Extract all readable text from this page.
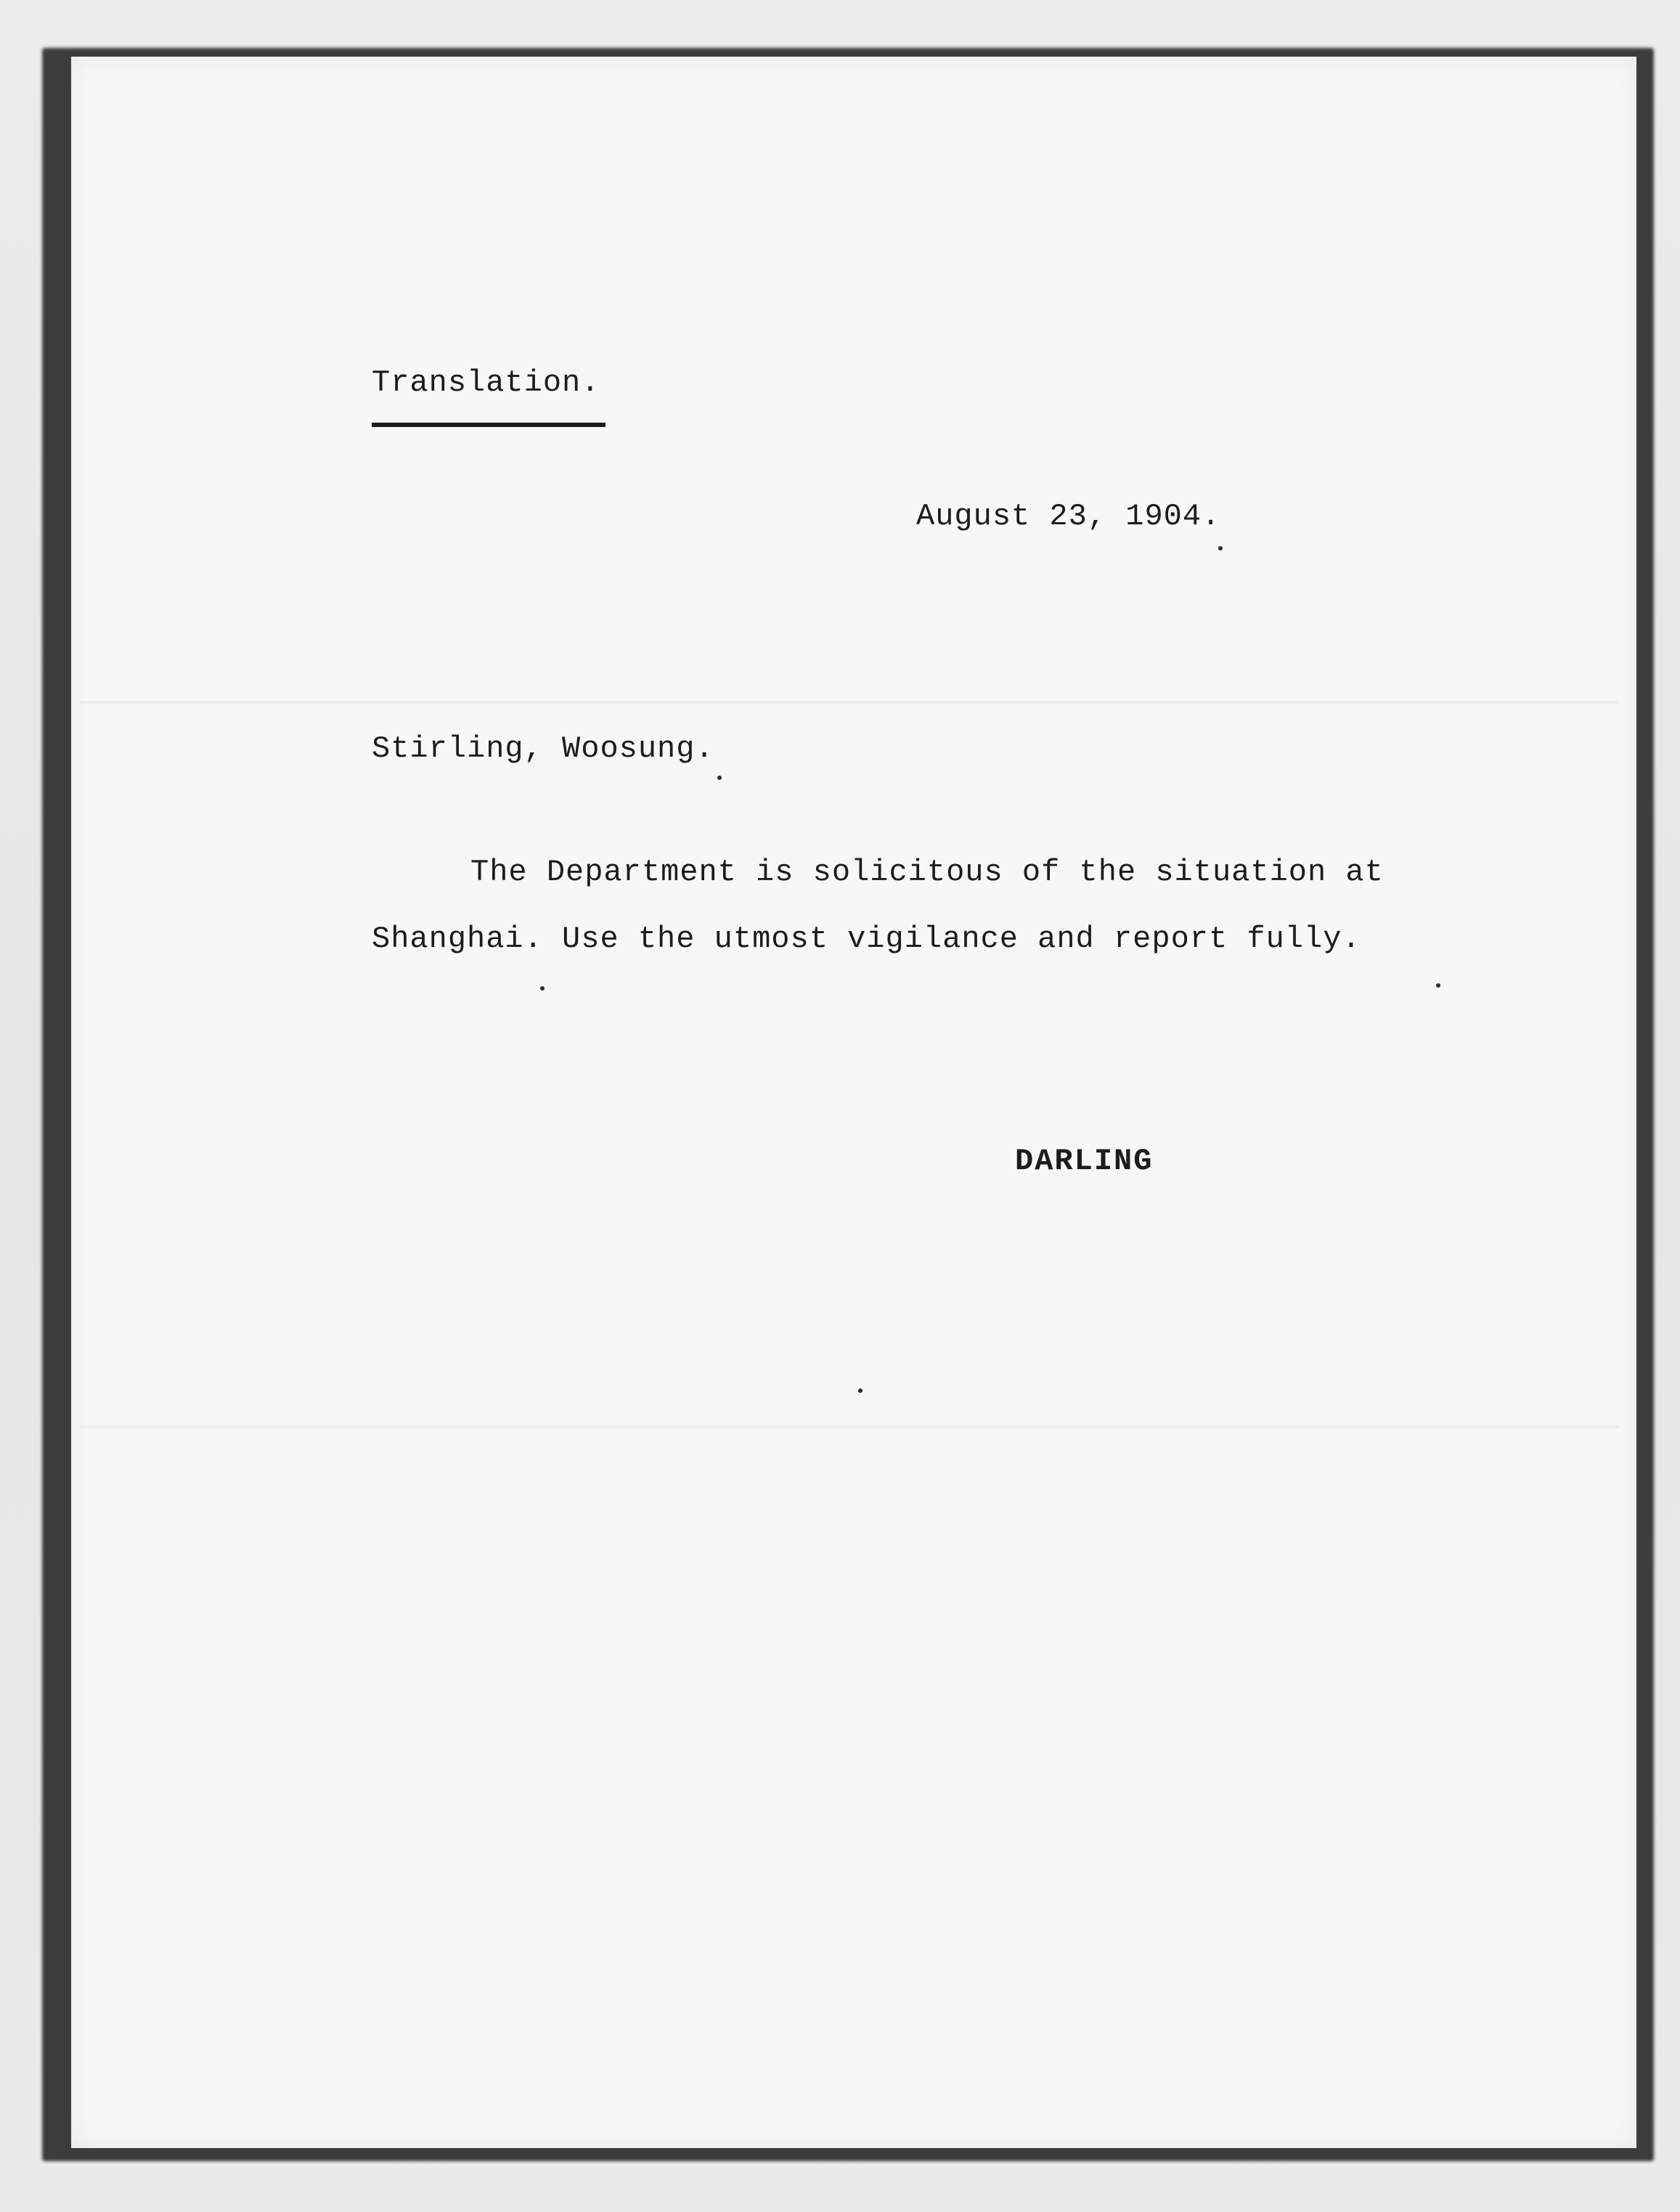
Translation.
August 23, 1904.
Stirling, Woosung.
The Department is solicitous of the situation at
Shanghai. Use the utmost vigilance and report fully.
DARLING
